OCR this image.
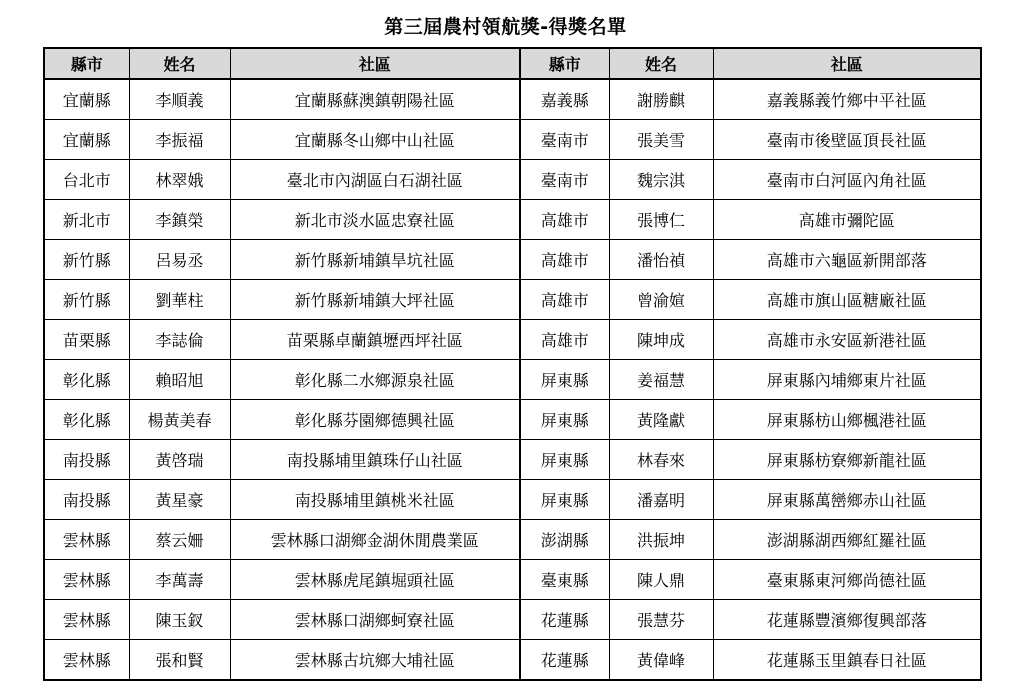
第三屆農村領航獎-得獎名單
縣市	姓名	社區	縣市	姓名	社區
宜蘭縣	李順義	宜蘭縣蘇澳鎮朝陽社區	嘉義縣	謝勝麒	嘉義縣義竹鄉中平社區
宜蘭縣	李振福	宜蘭縣冬山鄉中山社區	臺南市	張美雪	臺南市後壁區頂長社區
台北市	林翠娥	臺北市內湖區白石湖社區	臺南市	魏宗淇	臺南市白河區內角社區
新北市	李鎮榮	新北市淡水區忠寮社區	高雄市	張博仁	高雄市彌陀區
新竹縣	呂易丞	新竹縣新埔鎮旱坑社區	高雄市	潘怡禎	高雄市六龜區新開部落
新竹縣	劉華柱	新竹縣新埔鎮大坪社區	高雄市	曾渝媗	高雄市旗山區糖廠社區
苗栗縣	李誌倫	苗栗縣卓蘭鎮壢西坪社區	高雄市	陳坤成	高雄市永安區新港社區
彰化縣	賴昭旭	彰化縣二水鄉源泉社區	屏東縣	姜福慧	屏東縣內埔鄉東片社區
彰化縣	楊黃美春	彰化縣芬園鄉德興社區	屏東縣	黃隆獻	屏東縣枋山鄉楓港社區
南投縣	黃啓瑞	南投縣埔里鎮珠仔山社區	屏東縣	林春來	屏東縣枋寮鄉新龍社區
南投縣	黃星豪	南投縣埔里鎮桃米社區	屏東縣	潘嘉明	屏東縣萬巒鄉赤山社區
雲林縣	蔡云姍	雲林縣口湖鄉金湖休閒農業區	澎湖縣	洪振坤	澎湖縣湖西鄉紅羅社區
雲林縣	李萬壽	雲林縣虎尾鎮堀頭社區	臺東縣	陳人鼎	臺東縣東河鄉尚德社區
雲林縣	陳玉釵	雲林縣口湖鄉蚵寮社區	花蓮縣	張慧芬	花蓮縣豐濱鄉復興部落
雲林縣	張和賢	雲林縣古坑鄉大埔社區	花蓮縣	黃偉峰	花蓮縣玉里鎮春日社區
